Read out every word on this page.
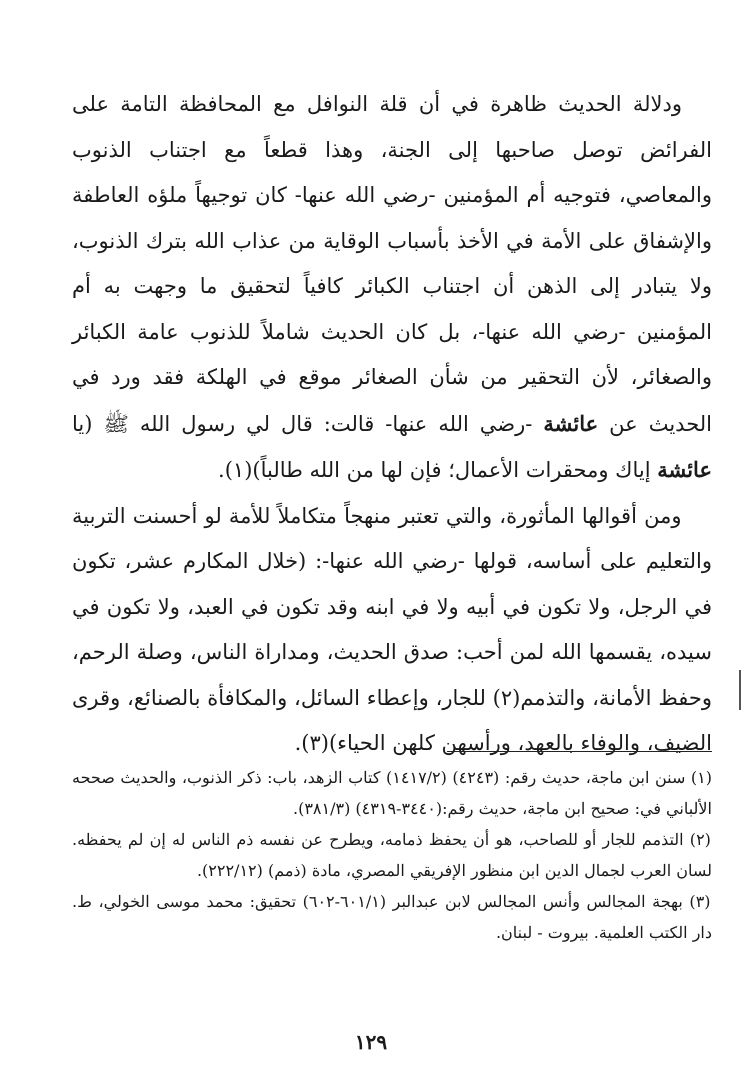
ودلالة الحديث ظاهرة في أن قلة النوافل مع المحافظة التامة على الفرائض توصل صاحبها إلى الجنة، وهذا قطعاً مع اجتناب الذنوب والمعاصي، فتوجيه أم المؤمنين -رضي الله عنها- كان توجيهاً ملؤه العاطفة والإشفاق على الأمة في الأخذ بأسباب الوقاية من عذاب الله بترك الذنوب، ولا يتبادر إلى الذهن أن اجتناب الكبائر كافياً لتحقيق ما وجهت به أم المؤمنين -رضي الله عنها-، بل كان الحديث شاملاً للذنوب عامة الكبائر والصغائر، لأن التحقير من شأن الصغائر موقع في الهلكة فقد ورد في الحديث عن عائشة -رضي الله عنها- قالت: قال لي رسول الله ﷺ (يا عائشة إياك ومحقرات الأعمال؛ فإن لها من الله طالباً)(١).

ومن أقوالها المأثورة، والتي تعتبر منهجاً متكاملاً للأمة لو أحسنت التربية والتعليم على أساسه، قولها -رضي الله عنها-: (خلال المكارم عشر، تكون في الرجل، ولا تكون في أبيه ولا في ابنه وقد تكون في العبد، ولا تكون في سيده، يقسمها الله لمن أحب: صدق الحديث، ومداراة الناس، وصلة الرحم، وحفظ الأمانة، والتذمم(٢) للجار، وإعطاء السائل، والمكافأة بالصنائع، وقرى الضيف، والوفاء بالعهد، ورأسهن كلهن الحياء)(٣).

(١) سنن ابن ماجة، حديث رقم: (٤٢٤٣) (١٤١٧/٢) كتاب الزهد، باب: ذكر الذنوب، والحديث صححه الألباني في: صحيح ابن ماجة، حديث رقم:(٣٤٤٠-٤٣١٩) (٣٨١/٣).

(٢) التذمم للجار أو للصاحب، هو أن يحفظ ذمامه، ويطرح عن نفسه ذم الناس له إن لم يحفظه. لسان العرب لجمال الدين ابن منظور الإفريقي المصري، مادة (ذمم) (٢٢٢/١٢).

(٣) بهجة المجالس وأنس المجالس لابن عبدالبر (٦٠١/١-٦٠٢) تحقيق: محمد موسى الخولي، ط. دار الكتب العلمية. بيروت - لبنان.

١٢٩
